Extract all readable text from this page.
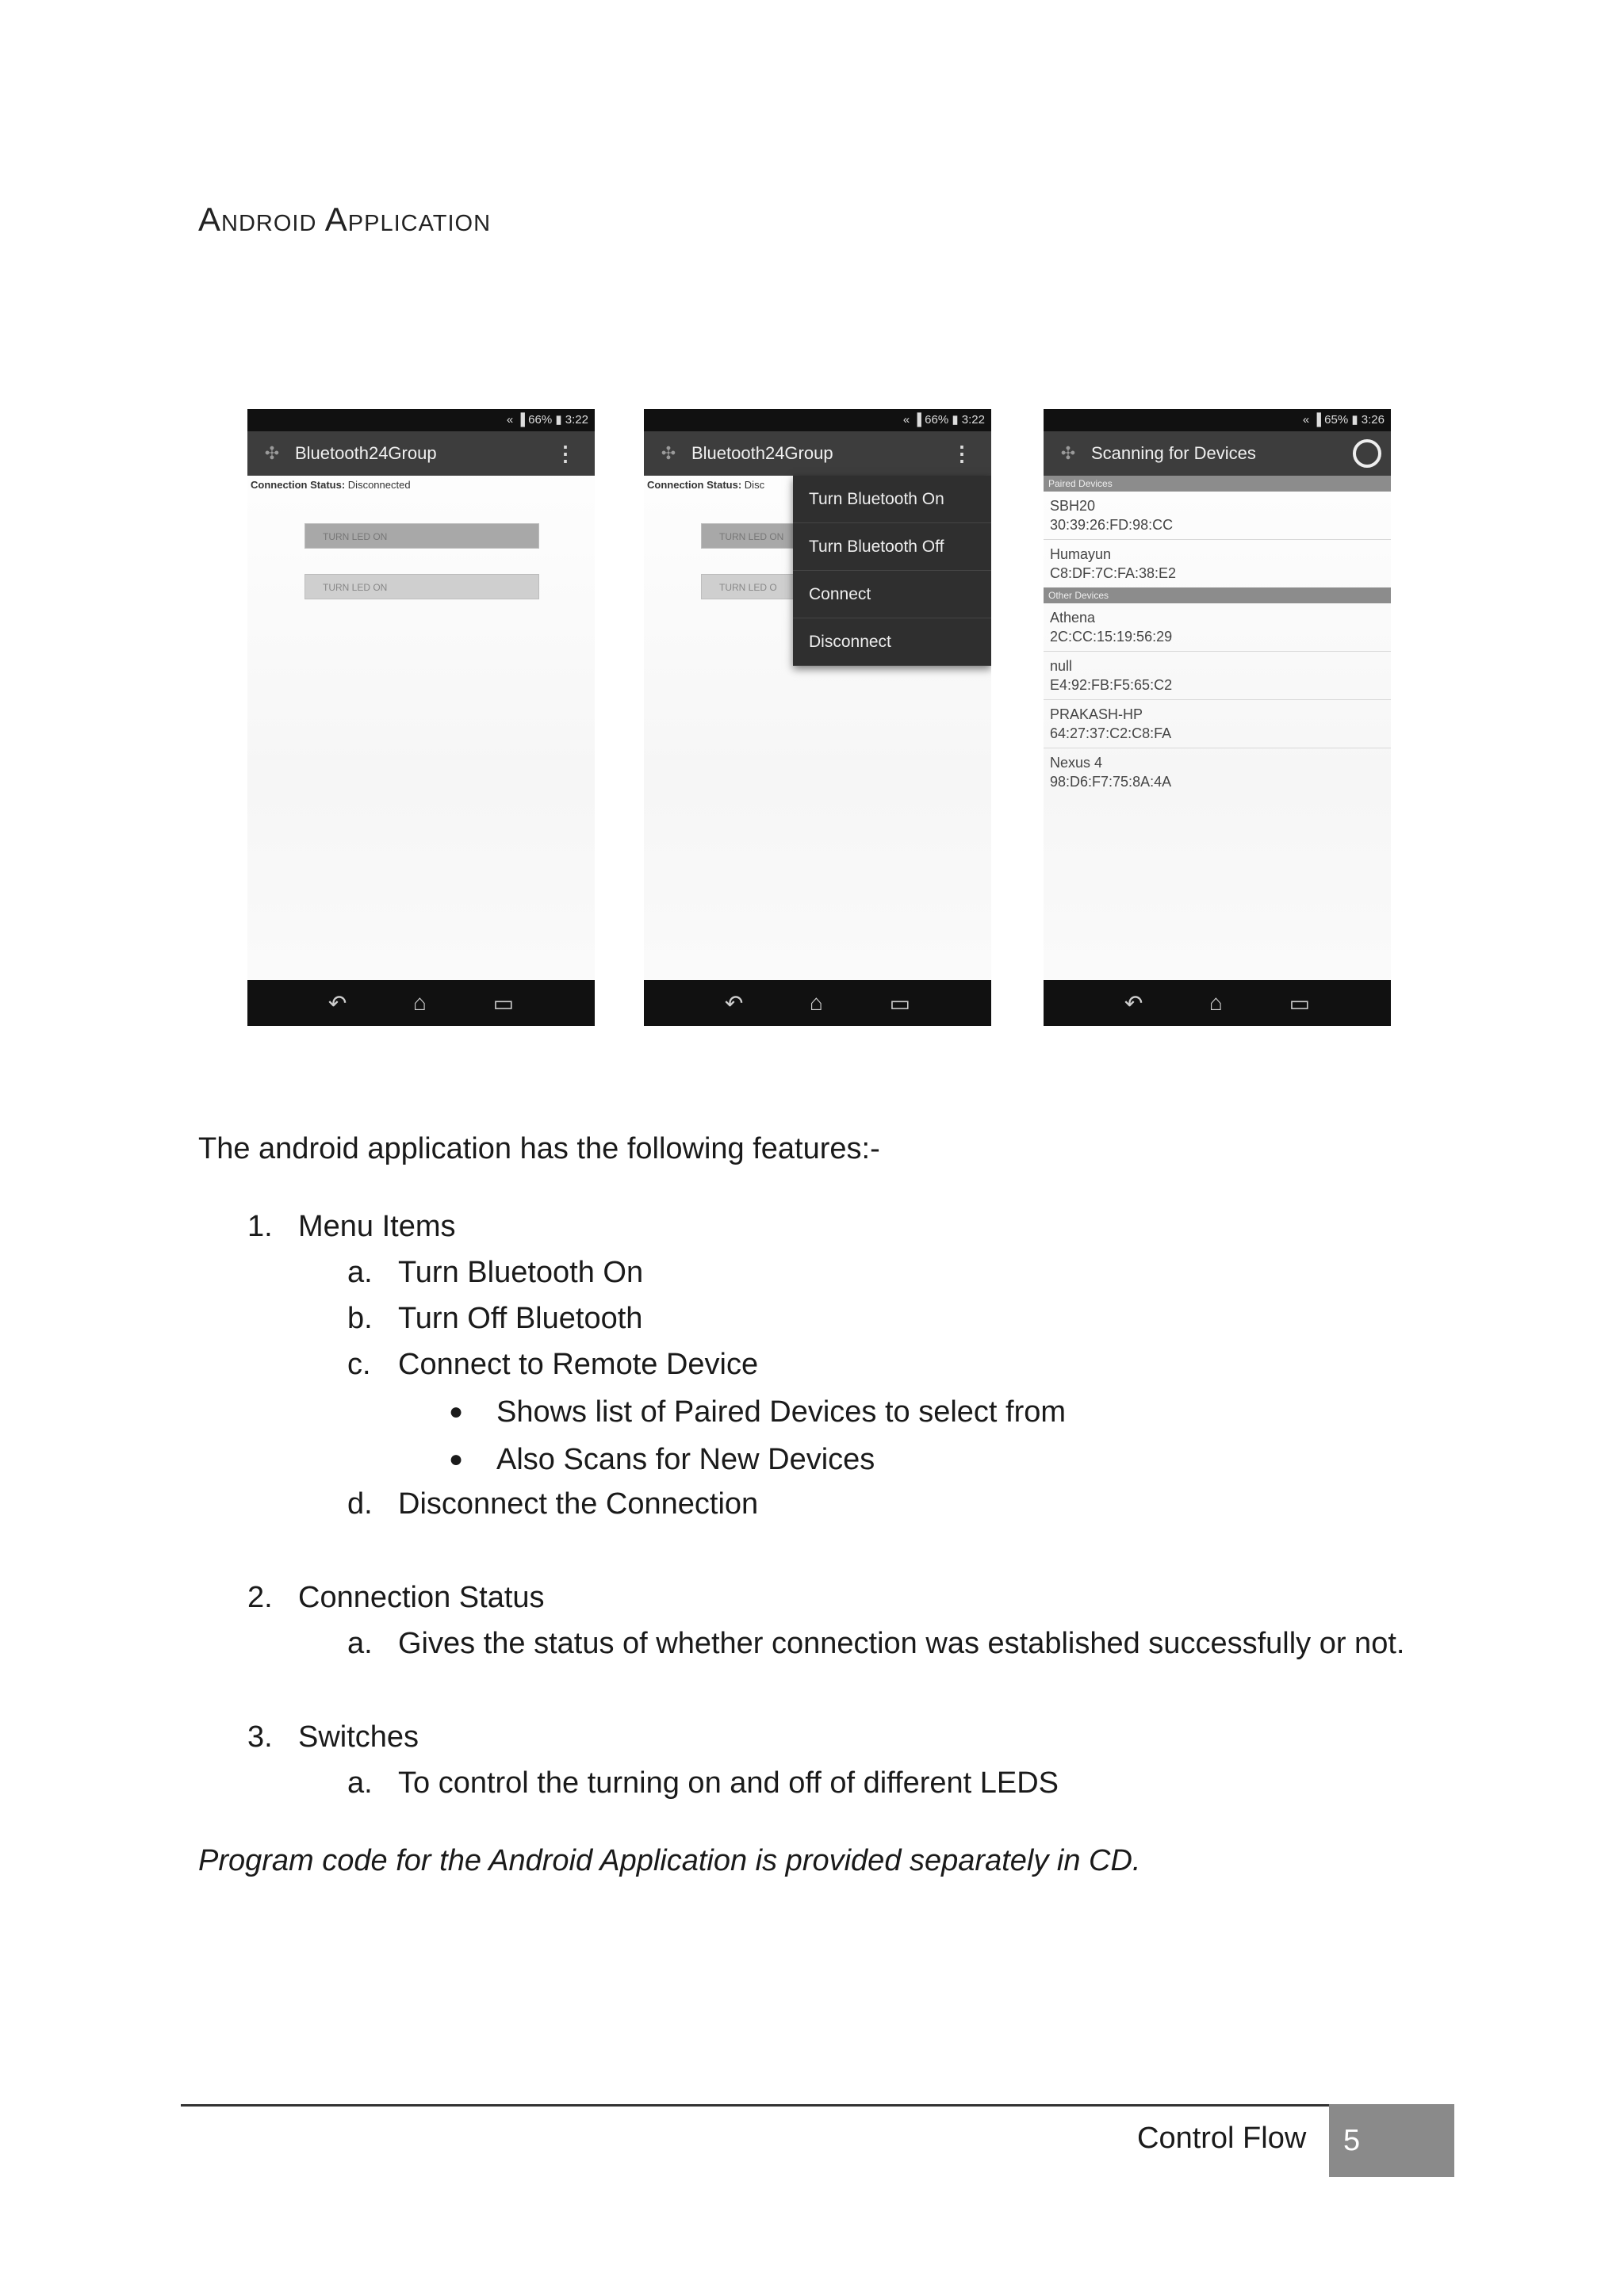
Android Application
« ▐ 66% ▮ 3:22
✣ Bluetooth24Group	⋮
Connection Status: Disconnected
TURN LED ON
TURN LED ON
↶	⌂	▭
« ▐ 66% ▮ 3:22
✣ Bluetooth24Group	⋮
Connection Status: Disc
TURN LED ON
TURN LED O
Turn Bluetooth On
Turn Bluetooth Off
Connect
Disconnect
↶	⌂	▭
« ▐ 65% ▮ 3:26
✣ Scanning for Devices
Paired Devices
SBH20
30:39:26:FD:98:CC
Humayun
C8:DF:7C:FA:38:E2
Other Devices
Athena
2C:CC:15:19:56:29
null
E4:92:FB:F5:65:C2
PRAKASH-HP
64:27:37:C2:C8:FA
Nexus 4
98:D6:F7:75:8A:4A
↶	⌂	▭
The android application has the following features:-
1. Menu Items
a. Turn Bluetooth On
b. Turn Off Bluetooth
c. Connect to Remote Device
● Shows list of Paired Devices to select from
● Also Scans for New Devices
d. Disconnect the Connection
2. Connection Status
a. Gives the status of whether connection was established successfully or not.
3. Switches
a. To control the turning on and off of different LEDS
Program code for the Android Application is provided separately in CD.
Control Flow	5
